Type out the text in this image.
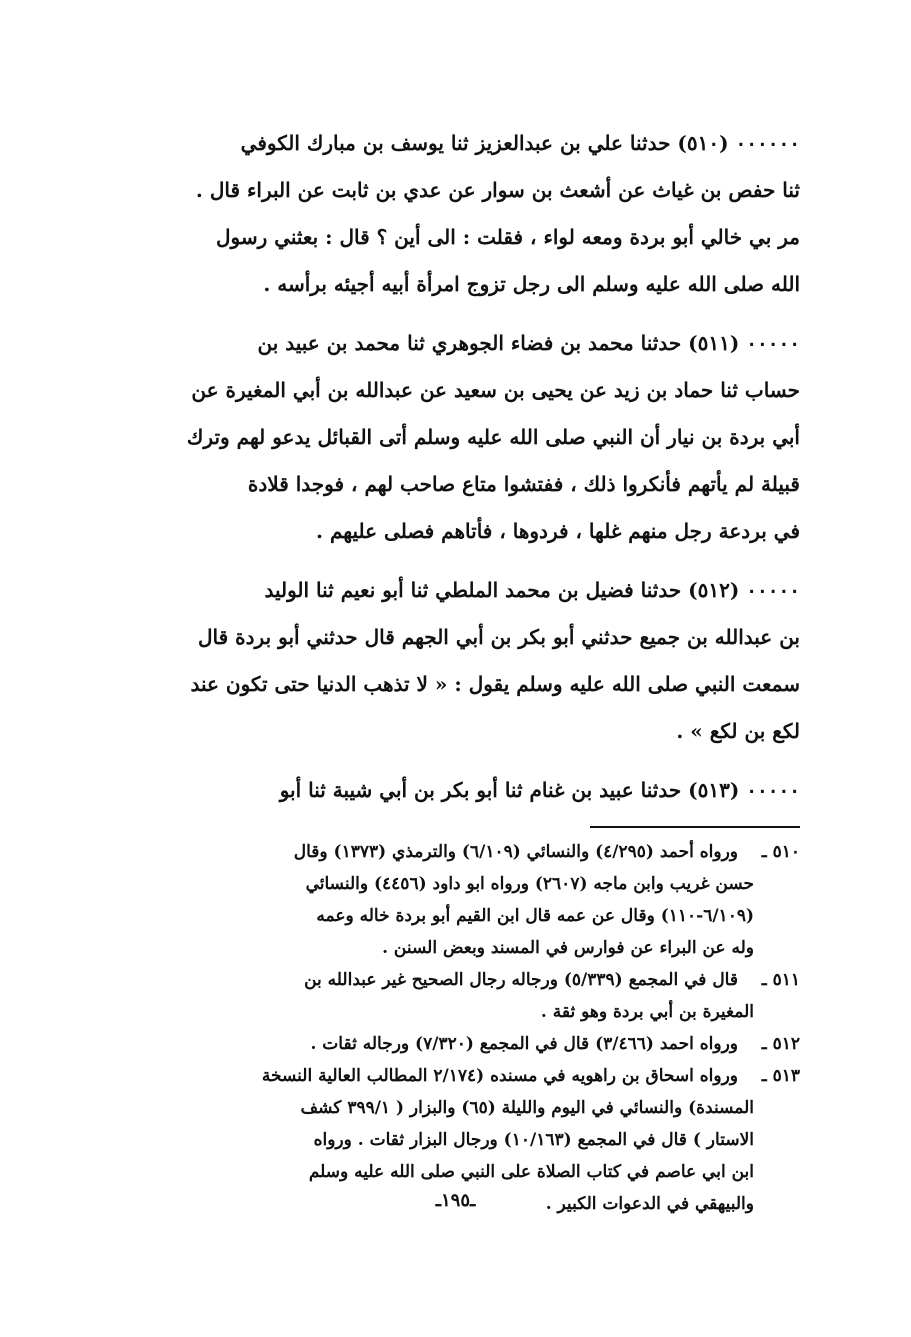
٠٠٠٠٠٠ (٥١٠) حدثنا علي بن عبدالعزيز ثنا يوسف بن مبارك الكوفي

ثنا حفص بن غياث عن أشعث بن سوار عن عدي بن ثابت عن البراء قال .

مر بي خالي أبو بردة ومعه لواء ، فقلت : الى أين ؟ قال : بعثني رسول

الله صلى الله عليه وسلم الى رجل تزوج امرأة أبيه أجيئه برأسه .

٠٠٠٠٠ (٥١١) حدثنا محمد بن فضاء الجوهري ثنا محمد بن عبيد بن

حساب ثنا حماد بن زيد عن يحيى بن سعيد عن عبدالله بن أبي المغيرة عن

أبي بردة بن نيار أن النبي صلى الله عليه وسلم أتى القبائل يدعو لهم وترك

قبيلة لم يأتهم فأنكروا ذلك ، ففتشوا متاع صاحب لهم ، فوجدا قلادة

في بردعة رجل منهم غلها ، فردوها ، فأتاهم فصلى عليهم .

٠٠٠٠٠ (٥١٢) حدثنا فضيل بن محمد الملطي ثنا أبو نعيم ثنا الوليد

بن عبدالله بن جميع حدثني أبو بكر بن أبي الجهم قال حدثني أبو بردة قال

سمعت النبي صلى الله عليه وسلم يقول : « لا تذهب الدنيا حتى تكون عند

لكع بن لكع » .

٠٠٠٠٠ (٥١٣) حدثنا عبيد بن غنام ثنا أبو بكر بن أبي شيبة ثنا أبو

٥١٠ ـورواه أحمد (٤/٢٩٥) والنسائي (٦/١٠٩) والترمذي (١٣٧٣) وقال
حسن غريب وابن ماجه (٢٦٠٧) ورواه ابو داود (٤٤٥٦) والنسائي
(٦/١٠٩-١١٠) وقال عن عمه قال ابن القيم أبو بردة خاله وعمه
وله عن البراء عن فوارس في المسند وبعض السنن .
٥١١ ـقال في المجمع (٥/٣٣٩) ورجاله رجال الصحيح غير عبدالله بن
المغيرة بن أبي بردة وهو ثقة .
٥١٢ ـورواه احمد (٣/٤٦٦) قال في المجمع (٧/٣٢٠) ورجاله ثقات .
٥١٣ ـورواه اسحاق بن راهويه في مسنده (٢/١٧٤ المطالب العالية النسخة
المسندة) والنسائي في اليوم والليلة (٦٥) والبزار ( ٣٩٩/١ كشف
الاستار ) قال في المجمع (١٠/١٦٣) ورجال البزار ثقات . ورواه
ابن ابي عاصم في كتاب الصلاة على النبي صلى الله عليه وسلم
والبيهقي في الدعوات الكبير .
ـ١٩٥ـ
